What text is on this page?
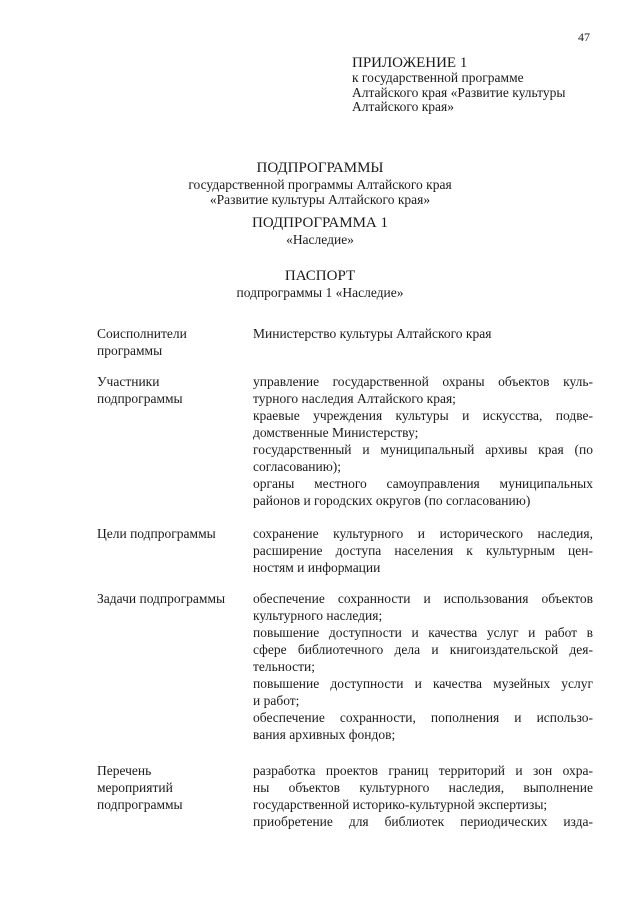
47
ПРИЛОЖЕНИЕ 1
к государственной программе
Алтайского края «Развитие культуры
Алтайского края»
ПОДПРОГРАММЫ
государственной программы Алтайского края
«Развитие культуры Алтайского края»
ПОДПРОГРАММА 1
«Наследие»
ПАСПОРТ
подпрограммы 1 «Наследие»
Соисполнители
программы
Министерство культуры Алтайского края
Участники
подпрограммы
управление государственной охраны объектов куль-
турного наследия Алтайского края;
краевые учреждения культуры и искусства, подве-
домственные Министерству;
государственный и муниципальный архивы края (по
согласованию);
органы местного самоуправления муниципальных
районов и городских округов (по согласованию)
Цели подпрограммы	сохранение культурного и исторического наследия,
расширение доступа населения к культурным цен-
ностям и информации
Задачи подпрограммы	обеспечение сохранности и использования объектов
культурного наследия;
повышение доступности и качества услуг и работ в
сфере библиотечного дела и книгоиздательской дея-
тельности;
повышение доступности и качества музейных услуг
и работ;
обеспечение сохранности, пополнения и использо-
вания архивных фондов;
Перечень
мероприятий
подпрограммы
разработка проектов границ территорий и зон охра-
ны объектов культурного наследия, выполнение
государственной историко-культурной экспертизы;
приобретение для библиотек периодических изда-
